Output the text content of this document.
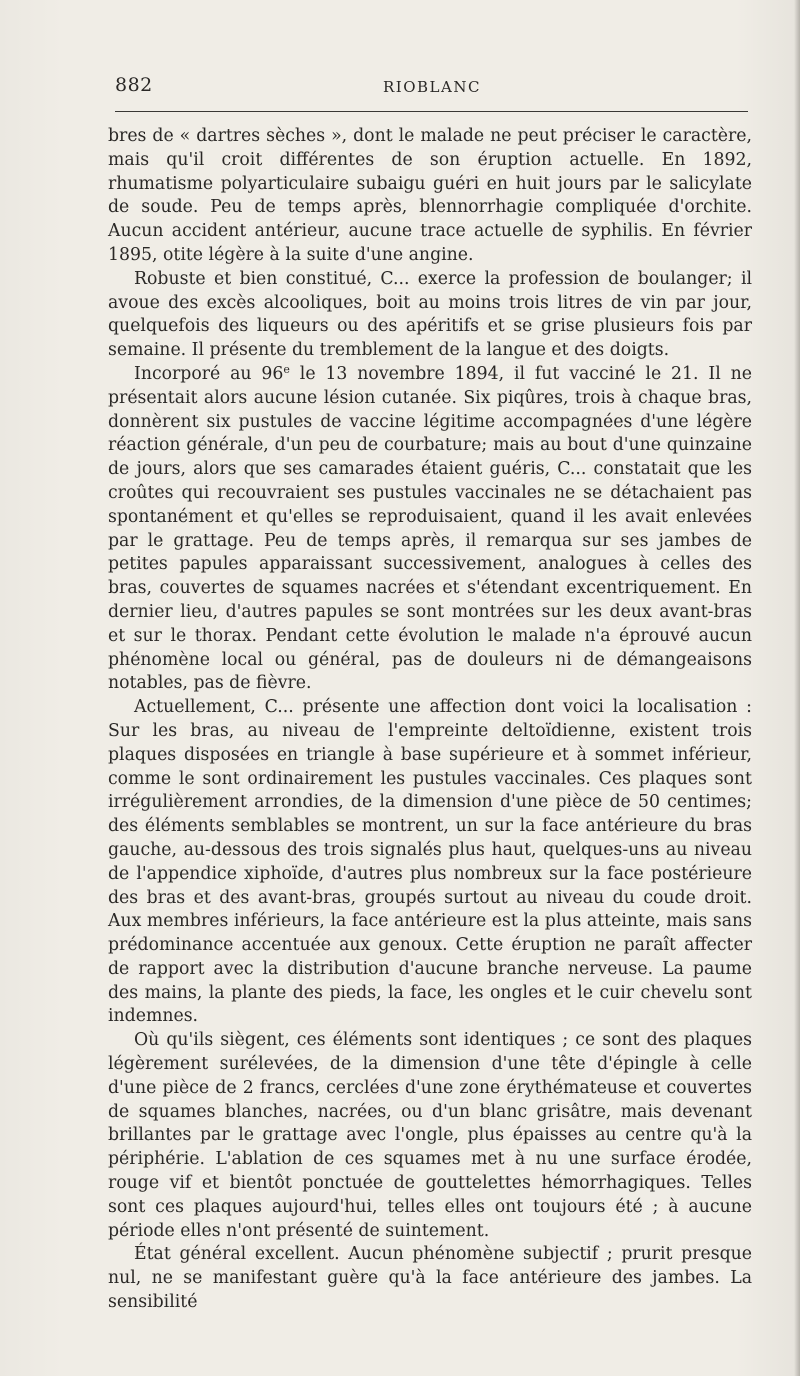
882	RIOBLANC

bres de « dartres sèches », dont le malade ne peut préciser le caractère, mais qu'il croit différentes de son éruption actuelle. En 1892, rhumatisme polyarticulaire subaigu guéri en huit jours par le salicylate de soude. Peu de temps après, blennorrhagie compliquée d'orchite. Aucun accident antérieur, aucune trace actuelle de syphilis. En février 1895, otite légère à la suite d'une angine.

Robuste et bien constitué, C... exerce la profession de boulanger; il avoue des excès alcooliques, boit au moins trois litres de vin par jour, quelquefois des liqueurs ou des apéritifs et se grise plusieurs fois par semaine. Il présente du tremblement de la langue et des doigts.

Incorporé au 96e le 13 novembre 1894, il fut vacciné le 21. Il ne présentait alors aucune lésion cutanée. Six piqûres, trois à chaque bras, donnèrent six pustules de vaccine légitime accompagnées d'une légère réaction générale, d'un peu de courbature; mais au bout d'une quinzaine de jours, alors que ses camarades étaient guéris, C... constatait que les croûtes qui recouvraient ses pustules vaccinales ne se détachaient pas spontanément et qu'elles se reproduisaient, quand il les avait enlevées par le grattage. Peu de temps après, il remarqua sur ses jambes de petites papules apparaissant successivement, analogues à celles des bras, couvertes de squames nacrées et s'étendant excentriquement. En dernier lieu, d'autres papules se sont montrées sur les deux avant-bras et sur le thorax. Pendant cette évolution le malade n'a éprouvé aucun phénomène local ou général, pas de douleurs ni de démangeaisons notables, pas de fièvre.

Actuellement, C... présente une affection dont voici la localisation : Sur les bras, au niveau de l'empreinte deltoïdienne, existent trois plaques disposées en triangle à base supérieure et à sommet inférieur, comme le sont ordinairement les pustules vaccinales. Ces plaques sont irrégulièrement arrondies, de la dimension d'une pièce de 50 centimes; des éléments semblables se montrent, un sur la face antérieure du bras gauche, au-dessous des trois signalés plus haut, quelques-uns au niveau de l'appendice xiphoïde, d'autres plus nombreux sur la face postérieure des bras et des avant-bras, groupés surtout au niveau du coude droit. Aux membres inférieurs, la face antérieure est la plus atteinte, mais sans prédominance accentuée aux genoux. Cette éruption ne paraît affecter de rapport avec la distribution d'aucune branche nerveuse. La paume des mains, la plante des pieds, la face, les ongles et le cuir chevelu sont indemnes.

Où qu'ils siègent, ces éléments sont identiques ; ce sont des plaques légèrement surélevées, de la dimension d'une tête d'épingle à celle d'une pièce de 2 francs, cerclées d'une zone érythémateuse et couvertes de squames blanches, nacrées, ou d'un blanc grisâtre, mais devenant brillantes par le grattage avec l'ongle, plus épaisses au centre qu'à la périphérie. L'ablation de ces squames met à nu une surface érodée, rouge vif et bientôt ponctuée de gouttelettes hémorrhagiques. Telles sont ces plaques aujourd'hui, telles elles ont toujours été ; à aucune période elles n'ont présenté de suintement.

État général excellent. Aucun phénomène subjectif ; prurit presque nul, ne se manifestant guère qu'à la face antérieure des jambes. La sensibilité
